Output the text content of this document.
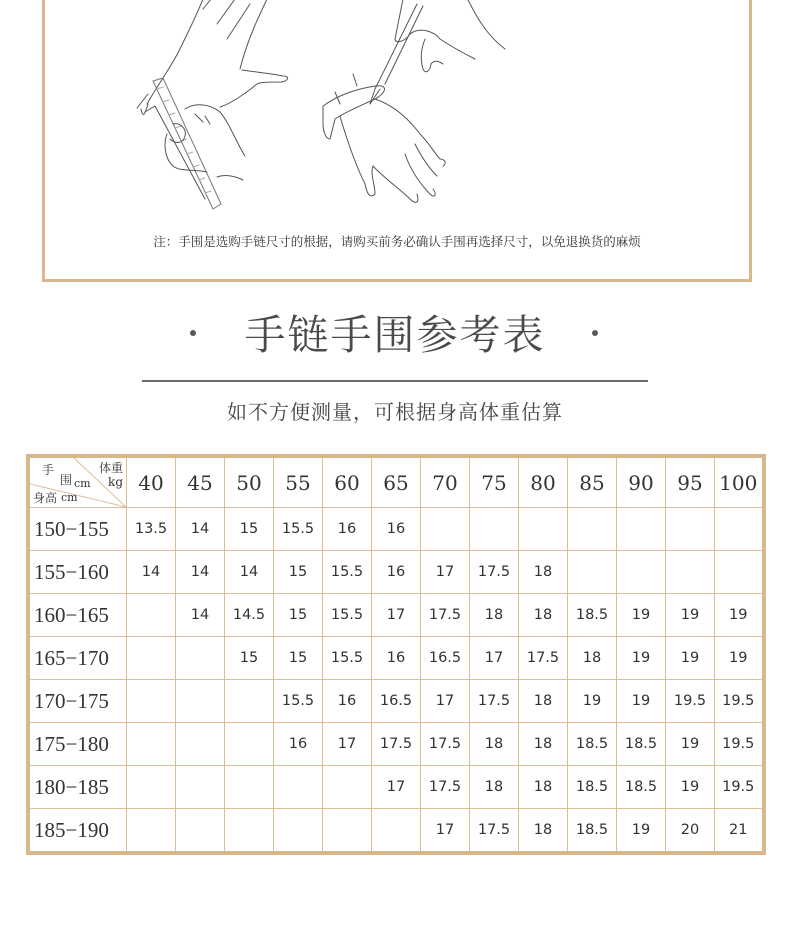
注：手围是选购手链尺寸的根据，请购买前务必确认手围再选择尺寸，以免退换货的麻烦
手链手围参考表
如不方便测量，可根据身高体重估算
体重
kg
手
围 cm
身高 cm
	40	45	50	55	60	65	70	75	80	85	90	95	100
150−155	13.5	14	15	15.5	16	16							
155−160	14	14	14	15	15.5	16	17	17.5	18				
160−165		14	14.5	15	15.5	17	17.5	18	18	18.5	19	19	19
165−170			15	15	15.5	16	16.5	17	17.5	18	19	19	19
170−175				15.5	16	16.5	17	17.5	18	19	19	19.5	19.5
175−180				16	17	17.5	17.5	18	18	18.5	18.5	19	19.5
180−185						17	17.5	18	18	18.5	18.5	19	19.5
185−190							17	17.5	18	18.5	19	20	21
